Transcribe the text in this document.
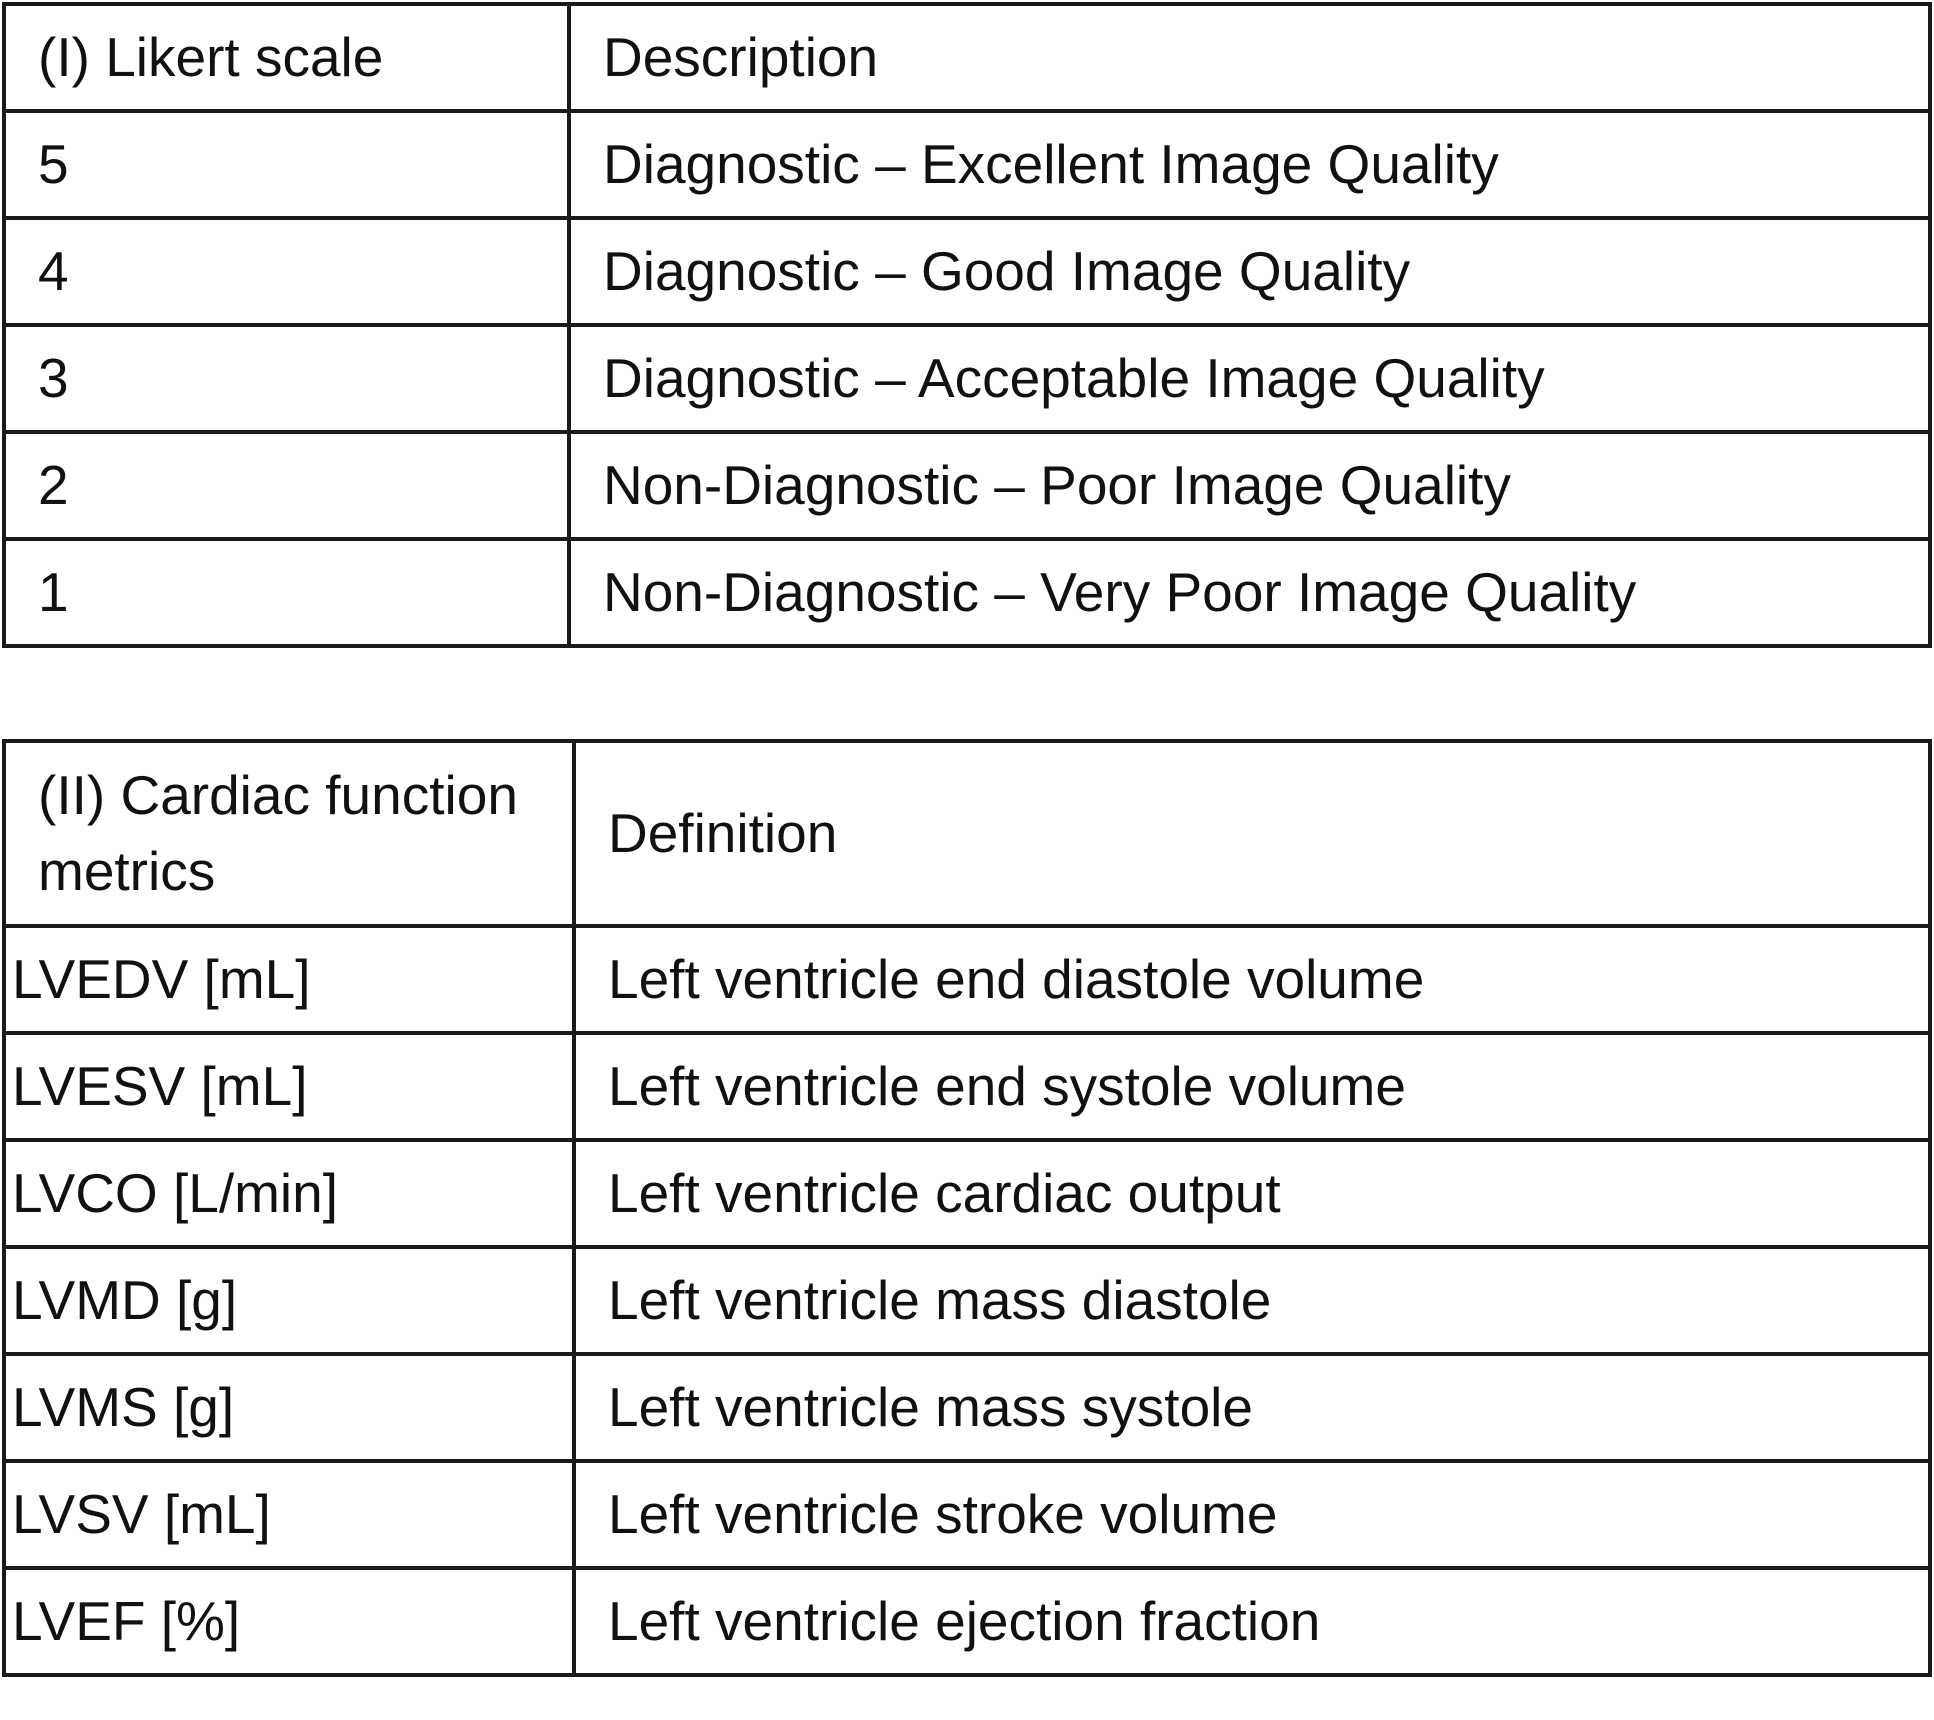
(I) Likert scale	Description
5	Diagnostic – Excellent Image Quality
4	Diagnostic – Good Image Quality
3	Diagnostic – Acceptable Image Quality
2	Non-Diagnostic – Poor Image Quality
1	Non-Diagnostic – Very Poor Image Quality
(II) Cardiac function metrics	Definition
LVEDV [mL]	Left ventricle end diastole volume
LVESV [mL]	Left ventricle end systole volume
LVCO [L/min]	Left ventricle cardiac output
LVMD [g]	Left ventricle mass diastole
LVMS [g]	Left ventricle mass systole
LVSV [mL]	Left ventricle stroke volume
LVEF [%]	Left ventricle ejection fraction
